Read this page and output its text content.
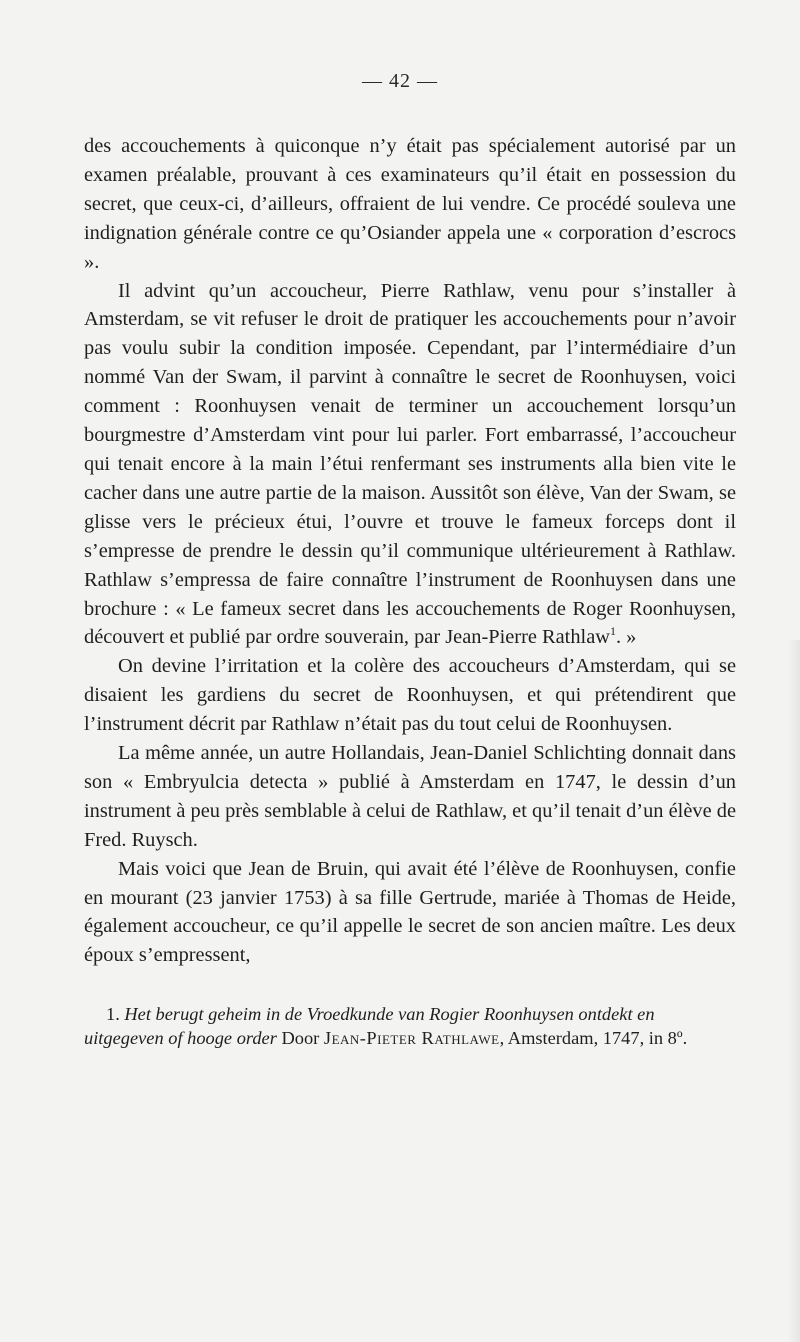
— 42 —

des accouchements à quiconque n’y était pas spécialement autorisé par un examen préalable, prouvant à ces examinateurs qu’il était en possession du secret, que ceux-ci, d’ailleurs, offraient de lui vendre. Ce procédé souleva une indignation générale contre ce qu’Osiander appela une « corporation d’escrocs ».

Il advint qu’un accoucheur, Pierre Rathlaw, venu pour s’installer à Amsterdam, se vit refuser le droit de pratiquer les accouchements pour n’avoir pas voulu subir la condition imposée. Cependant, par l’intermédiaire d’un nommé Van der Swam, il parvint à connaître le secret de Roonhuysen, voici comment : Roonhuysen venait de terminer un accouchement lorsqu’un bourgmestre d’Amsterdam vint pour lui parler. Fort embarrassé, l’accoucheur qui tenait encore à la main l’étui renfermant ses instruments alla bien vite le cacher dans une autre partie de la maison. Aussitôt son élève, Van der Swam, se glisse vers le précieux étui, l’ouvre et trouve le fameux forceps dont il s’empresse de prendre le dessin qu’il communique ultérieurement à Rathlaw. Rathlaw s’empressa de faire connaître l’instrument de Roonhuysen dans une brochure : « Le fameux secret dans les accouchements de Roger Roonhuysen, découvert et publié par ordre souverain, par Jean-Pierre Rathlaw$^1$. »

On devine l’irritation et la colère des accoucheurs d’Amsterdam, qui se disaient les gardiens du secret de Roonhuysen, et qui prétendirent que l’instrument décrit par Rathlaw n’était pas du tout celui de Roonhuysen.

La même année, un autre Hollandais, Jean-Daniel Schlichting donnait dans son « Embryulcia detecta » publié à Amsterdam en 1747, le dessin d’un instrument à peu près semblable à celui de Rathlaw, et qu’il tenait d’un élève de Fred. Ruysch.

Mais voici que Jean de Bruin, qui avait été l’élève de Roonhuysen, confie en mourant (23 janvier 1753) à sa fille Gertrude, mariée à Thomas de Heide, également accoucheur, ce qu’il appelle le secret de son ancien maître. Les deux époux s’empressent,

1. Het berugt geheim in de Vroedkunde van Rogier Roonhuysen ontdekt en uitgegeven of hooge order Door Jean-Pieter Rathlawe, Amsterdam, 1747, in 8º.
